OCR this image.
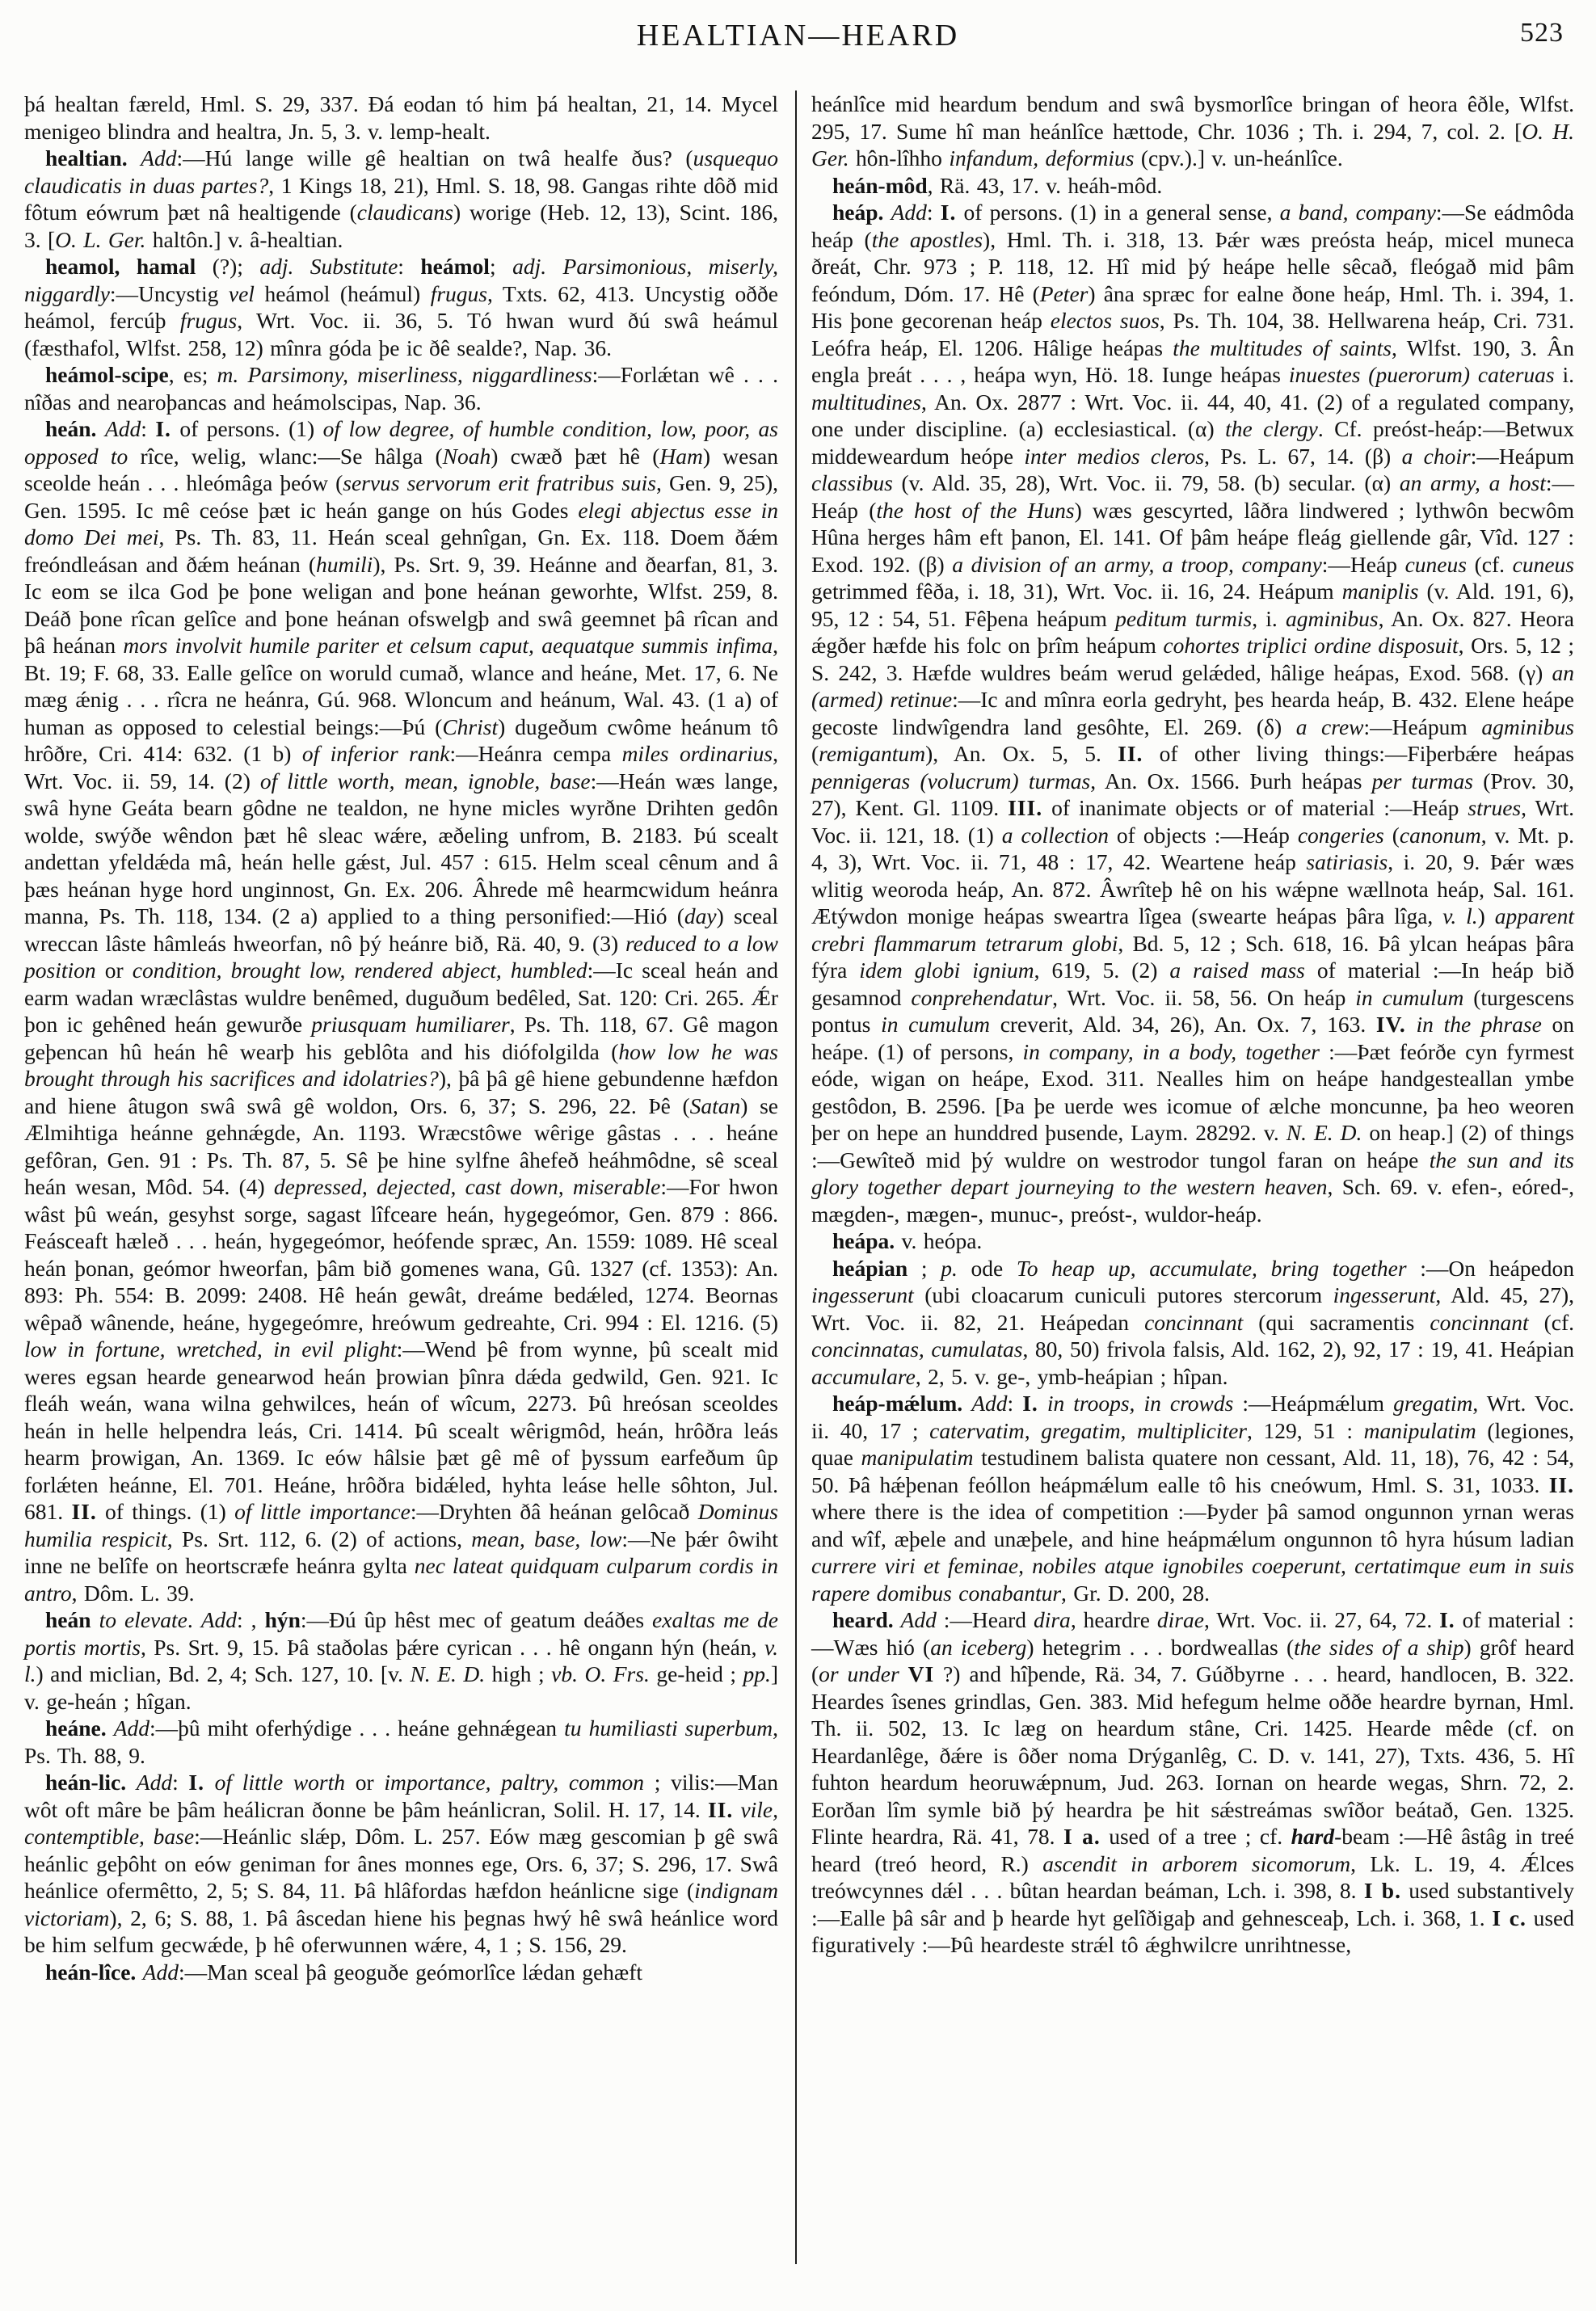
HEALTIAN—HEARD	523
þá healtan færeld, Hml. S. 29, 337. Ðá eodan tó him þá healtan, 21, 14. Mycel menigeo blindra and healtra, Jn. 5, 3. v. lemp-healt.
healtian. Add:—Hú lange wille gê healtian on twâ healfe ðus? (usquequo claudicatis in duas partes?, 1 Kings 18, 21), Hml. S. 18, 98. Gangas rihte dôð mid fôtum eówrum þæt nâ healtigende (claudicans) worige (Heb. 12, 13), Scint. 186, 3. [O. L. Ger. haltôn.] v. â-healtian.
heamol, hamal (?); adj. Substitute: heámol; adj. Parsimonious, miserly, niggardly:—Uncystig vel heámol (heámul) frugus, Txts. 62, 413. Uncystig oððe heámol, fercúþ frugus, Wrt. Voc. ii. 36, 5. Tó hwan wurd ðú swâ heámul (fæsthafol, Wlfst. 258, 12) mînra góda þe ic ðê sealde?, Nap. 36.
heámol-scipe, es; m. Parsimony, miserliness, niggardliness:—Forlǽtan wê . . . nîðas and nearoþancas and heámolscipas, Nap. 36.
heán. Add: I. of persons. (1) of low degree, of humble condition, low, poor, as opposed to rîce, welig, wlanc:—Se hâlga (Noah) cwæð þæt hê (Ham) wesan sceolde heán . . . hleómâga þeów (servus servorum erit fratribus suis, Gen. 9, 25), Gen. 1595. Ic mê ceóse þæt ic heán gange on hús Godes elegi abjectus esse in domo Dei mei, Ps. Th. 83, 11. Heán sceal gehnîgan, Gn. Ex. 118. Doem ðǽm freóndleásan and ðǽm heánan (humili), Ps. Srt. 9, 39. Heánne and ðearfan, 81, 3. Ic eom se ilca God þe þone weligan and þone heánan geworhte, Wlfst. 259, 8. Deáð þone rîcan gelîce and þone heánan ofswelgþ and swâ geemnet þâ rîcan and þâ heánan mors involvit humile pariter et celsum caput, aequatque summis infima, Bt. 19; F. 68, 33. Ealle gelîce on woruld cumað, wlance and heáne, Met. 17, 6. Ne mæg ǽnig . . . rîcra ne heánra, Gú. 968. Wloncum and heánum, Wal. 43. (1 a) of human as opposed to celestial beings:—Þú (Christ) dugeðum cwôme heánum tô hrôðre, Cri. 414: 632. (1 b) of inferior rank:—Heánra cempa miles ordinarius, Wrt. Voc. ii. 59, 14. (2) of little worth, mean, ignoble, base:—Heán wæs lange, swâ hyne Geáta bearn gôdne ne tealdon, ne hyne micles wyrðne Drihten gedôn wolde, swýðe wêndon þæt hê sleac wǽre, æðeling unfrom, B. 2183. Þú scealt andettan yfeldǽda mâ, heán helle gǽst, Jul. 457 : 615. Helm sceal cênum and â þæs heánan hyge hord unginnost, Gn. Ex. 206. Âhrede mê hearmcwidum heánra manna, Ps. Th. 118, 134. (2 a) applied to a thing personified:—Hió (day) sceal wreccan lâste hâmleás hweorfan, nô þý heánre bið, Rä. 40, 9. (3) reduced to a low position or condition, brought low, rendered abject, humbled:—Ic sceal heán and earm wadan wræclâstas wuldre benêmed, duguðum bedêled, Sat. 120: Cri. 265. Ǽr þon ic gehêned heán gewurðe priusquam humiliarer, Ps. Th. 118, 67. Gê magon geþencan hû heán hê wearþ his geblôta and his diófolgilda (how low he was brought through his sacrifices and idolatries?), þâ þâ gê hiene gebundenne hæfdon and hiene âtugon swâ swâ gê woldon, Ors. 6, 37; S. 296, 22. Þê (Satan) se Ælmihtiga heánne gehnǽgde, An. 1193. Wræcstôwe wêrige gâstas . . . heáne gefôran, Gen. 91 : Ps. Th. 87, 5. Sê þe hine sylfne âhefeð heáhmôdne, sê sceal heán wesan, Môd. 54. (4) depressed, dejected, cast down, miserable:—For hwon wâst þû weán, gesyhst sorge, sagast lîfceare heán, hygegeómor, Gen. 879 : 866. Feásceaft hæleð . . . heán, hygegeómor, heófende spræc, An. 1559: 1089. Hê sceal heán þonan, geómor hweorfan, þâm bið gomenes wana, Gû. 1327 (cf. 1353): An. 893: Ph. 554: B. 2099: 2408. Hê heán gewât, dreáme bedǽled, 1274. Beornas wêpað wânende, heáne, hygegeómre, hreówum gedreahte, Cri. 994 : El. 1216. (5) low in fortune, wretched, in evil plight:—Wend þê from wynne, þû scealt mid weres egsan hearde genearwod heán þrowian þînra dǽda gedwild, Gen. 921. Ic fleáh weán, wana wilna gehwilces, heán of wîcum, 2273. Þû hreósan sceoldes heán in helle helpendra leás, Cri. 1414. Þû scealt wêrigmôd, heán, hrôðra leás hearm þrowigan, An. 1369. Ic eów hâlsie þæt gê mê of þyssum earfeðum ûp forlǽten heánne, El. 701. Heáne, hrôðra bidǽled, hyhta leáse helle sôhton, Jul. 681. II. of things. (1) of little importance:—Dryhten ðâ heánan gelôcað Dominus humilia respicit, Ps. Srt. 112, 6. (2) of actions, mean, base, low:—Ne þǽr ôwiht inne ne belîfe on heortscræfe heánra gylta nec lateat quidquam culparum cordis in antro, Dôm. L. 39.
heán to elevate. Add: , hýn:—Ðú ûp hêst mec of geatum deáðes exaltas me de portis mortis, Ps. Srt. 9, 15. Þâ staðolas þǽre cyrican . . . hê ongann hýn (heán, v. l.) and miclian, Bd. 2, 4; Sch. 127, 10. [v. N. E. D. high ; vb. O. Frs. ge-heid ; pp.] v. ge-heán ; hîgan.
heáne. Add:—þû miht oferhýdige . . . heáne gehnǽgean tu humiliasti superbum, Ps. Th. 88, 9.
heán-lic. Add: I. of little worth or importance, paltry, common ; vilis:—Man wôt oft mâre be þâm heálicran ðonne be þâm heánlicran, Solil. H. 17, 14. II. vile, contemptible, base:—Heánlic slǽp, Dôm. L. 257. Eów mæg gescomian þ gê swâ heánlic geþôht on eów geniman for ânes monnes ege, Ors. 6, 37; S. 296, 17. Swâ heánlice ofermêtto, 2, 5; S. 84, 11. Þâ hlâfordas hæfdon heánlicne sige (indignam victoriam), 2, 6; S. 88, 1. Þâ âscedan hiene his þegnas hwý hê swâ heánlice word be him selfum gecwǽde, þ hê oferwunnen wǽre, 4, 1 ; S. 156, 29.
heán-lîce. Add:—Man sceal þâ geoguðe geómorlîce lǽdan gehæft
heánlîce mid heardum bendum and swâ bysmorlîce bringan of heora êðle, Wlfst. 295, 17. Sume hî man heánlîce hættode, Chr. 1036 ; Th. i. 294, 7, col. 2. [O. H. Ger. hôn-lîhho infandum, deformius (cpv.).] v. un-heánlîce.
heán-môd, Rä. 43, 17. v. heáh-môd.
heáp. Add: I. of persons. (1) in a general sense, a band, company:—Se eádmôda heáp (the apostles), Hml. Th. i. 318, 13. Þǽr wæs preósta heáp, micel muneca ðreát, Chr. 973 ; P. 118, 12. Hî mid þý heápe helle sêcað, fleógað mid þâm feóndum, Dóm. 17. Hê (Peter) âna spræc for ealne ðone heáp, Hml. Th. i. 394, 1. His þone gecorenan heáp electos suos, Ps. Th. 104, 38. Hellwarena heáp, Cri. 731. Leófra heáp, El. 1206. Hâlige heápas the multitudes of saints, Wlfst. 190, 3. Ân engla þreát . . . , heápa wyn, Hö. 18. Iunge heápas inuestes (puerorum) cateruas i. multitudines, An. Ox. 2877 : Wrt. Voc. ii. 44, 40, 41. (2) of a regulated company, one under discipline. (a) ecclesiastical. (α) the clergy. Cf. preóst-heáp:—Betwux middeweardum heópe inter medios cleros, Ps. L. 67, 14. (β) a choir:—Heápum classibus (v. Ald. 35, 28), Wrt. Voc. ii. 79, 58. (b) secular. (α) an army, a host:—Heáp (the host of the Huns) wæs gescyrted, lâðra lindwered ; lythwôn becwôm Hûna herges hâm eft þanon, El. 141. Of þâm heápe fleág giellende gâr, Vîd. 127 : Exod. 192. (β) a division of an army, a troop, company:—Heáp cuneus (cf. cuneus getrimmed fêða, i. 18, 31), Wrt. Voc. ii. 16, 24. Heápum maniplis (v. Ald. 191, 6), 95, 12 : 54, 51. Fêþena heápum peditum turmis, i. agminibus, An. Ox. 827. Heora ǽgðer hæfde his folc on þrîm heápum cohortes triplici ordine disposuit, Ors. 5, 12 ; S. 242, 3. Hæfde wuldres beám werud gelǽded, hâlige heápas, Exod. 568. (γ) an (armed) retinue:—Ic and mînra eorla gedryht, þes hearda heáp, B. 432. Elene heápe gecoste lindwîgendra land gesôhte, El. 269. (δ) a crew:—Heápum agminibus (remigantum), An. Ox. 5, 5. II. of other living things:—Fiþerbǽre heápas pennigeras (volucrum) turmas, An. Ox. 1566. Þurh heápas per turmas (Prov. 30, 27), Kent. Gl. 1109. III. of inanimate objects or of material :—Heáp strues, Wrt. Voc. ii. 121, 18. (1) a collection of objects :—Heáp congeries (canonum, v. Mt. p. 4, 3), Wrt. Voc. ii. 71, 48 : 17, 42. Weartene heáp satiriasis, i. 20, 9. Þǽr wæs wlitig weoroda heáp, An. 872. Âwrîteþ hê on his wǽpne wællnota heáp, Sal. 161. Ætýwdon monige heápas sweartra lîgea (swearte heápas þâra lîga, v. l.) apparent crebri flammarum tetrarum globi, Bd. 5, 12 ; Sch. 618, 16. Þâ ylcan heápas þâra fýra idem globi ignium, 619, 5. (2) a raised mass of material :—In heáp bið gesamnod conprehendatur, Wrt. Voc. ii. 58, 56. On heáp in cumulum (turgescens pontus in cumulum creverit, Ald. 34, 26), An. Ox. 7, 163. IV. in the phrase on heápe. (1) of persons, in company, in a body, together :—Þæt feórðe cyn fyrmest eóde, wigan on heápe, Exod. 311. Nealles him on heápe handgesteallan ymbe gestôdon, B. 2596. [Þa þe uerde wes icomue of ælche moncunne, þa heo weoren þer on hepe an hunddred þusende, Laym. 28292. v. N. E. D. on heap.] (2) of things :—Gewîteð mid þý wuldre on westrodor tungol faran on heápe the sun and its glory together depart journeying to the western heaven, Sch. 69. v. efen-, eóred-, mægden-, mægen-, munuc-, preóst-, wuldor-heáp.
heápa. v. heópa.
heápian ; p. ode To heap up, accumulate, bring together :—On heápedon ingesserunt (ubi cloacarum cuniculi putores stercorum ingesserunt, Ald. 45, 27), Wrt. Voc. ii. 82, 21. Heápedan concinnant (qui sacramentis concinnant (cf. concinnatas, cumulatas, 80, 50) frivola falsis, Ald. 162, 2), 92, 17 : 19, 41. Heápian accumulare, 2, 5. v. ge-, ymb-heápian ; hîpan.
heáp-mǽlum. Add: I. in troops, in crowds :—Heápmǽlum gregatim, Wrt. Voc. ii. 40, 17 ; catervatim, gregatim, multipliciter, 129, 51 : manipulatim (legiones, quae manipulatim testudinem balista quatere non cessant, Ald. 11, 18), 76, 42 : 54, 50. Þâ hǽþenan feóllon heápmǽlum ealle tô his cneówum, Hml. S. 31, 1033. II. where there is the idea of competition :—Þyder þâ samod ongunnon yrnan weras and wîf, æþele and unæþele, and hine heápmǽlum ongunnon tô hyra húsum ladian currere viri et feminae, nobiles atque ignobiles coeperunt, certatimque eum in suis rapere domibus conabantur, Gr. D. 200, 28.
heard. Add :—Heard dira, heardre dirae, Wrt. Voc. ii. 27, 64, 72. I. of material :—Wæs hió (an iceberg) hetegrim . . . bordweallas (the sides of a ship) grôf heard (or under VI ?) and hîþende, Rä. 34, 7. Gúðbyrne . . . heard, handlocen, B. 322. Heardes îsenes grindlas, Gen. 383. Mid hefegum helme oððe heardre byrnan, Hml. Th. ii. 502, 13. Ic læg on heardum stâne, Cri. 1425. Hearde mêde (cf. on Heardanlêge, ðǽre is ôðer noma Drýganlêg, C. D. v. 141, 27), Txts. 436, 5. Hî fuhton heardum heoruwǽpnum, Jud. 263. Iornan on hearde wegas, Shrn. 72, 2. Eorðan lîm symle bið þý heardra þe hit sǽstreámas swîðor beátað, Gen. 1325. Flinte heardra, Rä. 41, 78. I a. used of a tree ; cf. hard-beam :—Hê âstâg in treé heard (treó heord, R.) ascendit in arborem sicomorum, Lk. L. 19, 4. Ǽlces treówcynnes dǽl . . . bûtan heardan beáman, Lch. i. 398, 8. I b. used substantively :—Ealle þâ sâr and þ hearde hyt gelîðigaþ and gehnesceaþ, Lch. i. 368, 1. I c. used figuratively :—Þû heardeste strǽl tô ǽghwilcre unrihtnesse,
